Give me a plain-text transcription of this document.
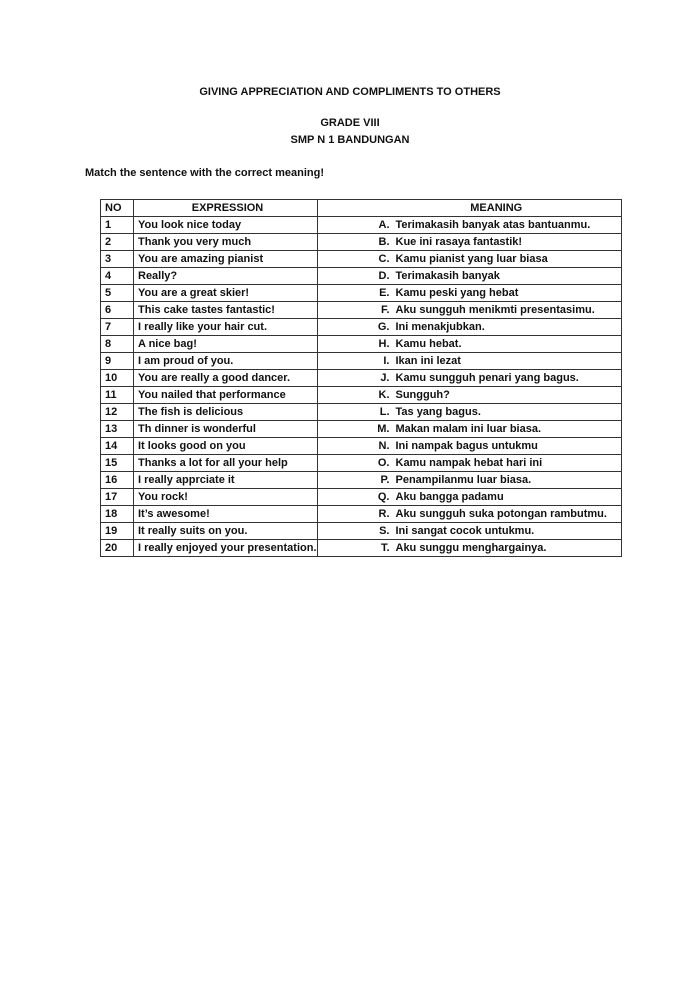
GIVING APPRECIATION AND COMPLIMENTS TO OTHERS
GRADE VIII
SMP N 1 BANDUNGAN
Match the sentence with the correct meaning!
NO	EXPRESSION		MEANING
1	You look nice today		A. Terimakasih banyak atas bantuanmu.
2	Thank you very much		B. Kue ini rasaya fantastik!
3	You are amazing pianist		C. Kamu pianist yang luar biasa
4	Really?		D. Terimakasih banyak
5	You are a great skier!		E. Kamu peski yang hebat
6	This cake tastes fantastic!		F. Aku sungguh menikmti presentasimu.
7	I really like your hair cut.		G. Ini menakjubkan.
8	A nice bag!		H. Kamu hebat.
9	I am proud of you.		I. Ikan ini lezat
10	You are really a good dancer.		J. Kamu sungguh penari yang bagus.
11	You nailed that performance		K. Sungguh?
12	The fish is delicious		L. Tas yang bagus.
13	Th dinner is wonderful		M. Makan malam ini luar biasa.
14	It looks good on you		N. Ini nampak bagus untukmu
15	Thanks a lot for all your help		O. Kamu nampak hebat hari ini
16	I really apprciate it		P. Penampilanmu luar biasa.
17	You rock!		Q. Aku bangga padamu
18	It’s awesome!		R. Aku sungguh suka potongan rambutmu.
19	It really suits on you.		S. Ini sangat cocok untukmu.
20	I really enjoyed your presentation.		T. Aku sunggu menghargainya.
